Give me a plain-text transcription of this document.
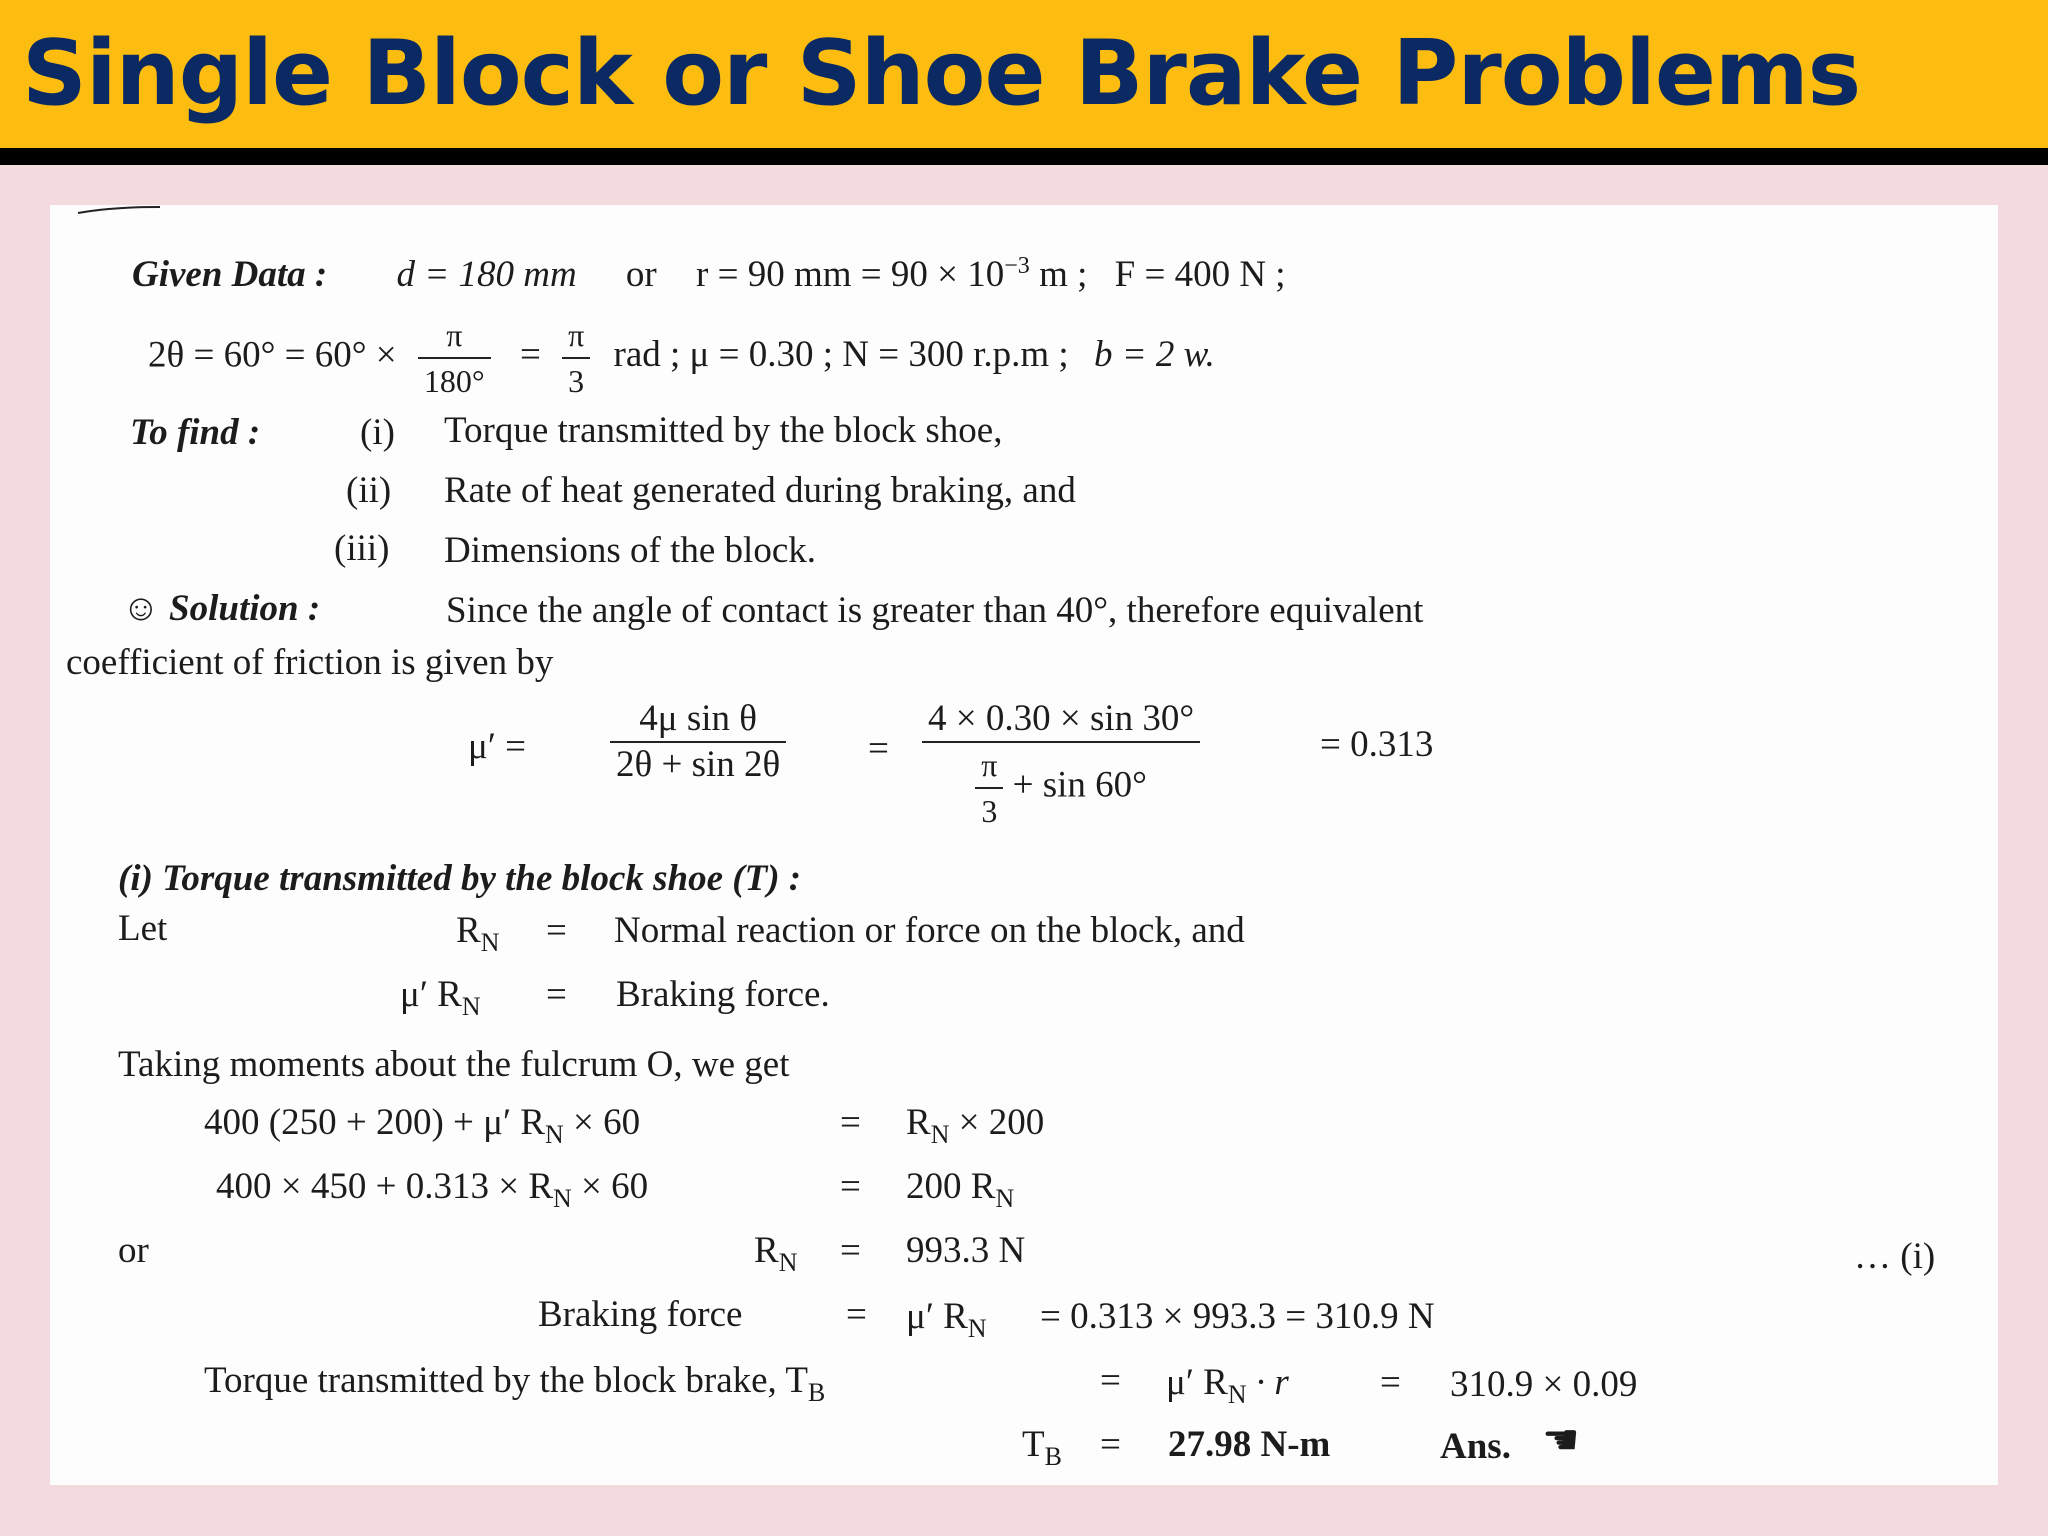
Single Block or Shoe Brake Problems
Given Data : d = 180 mm or r = 90 mm = $90 \times 10^{-3}$ m ; F = 400 N ;
$2\theta = 60^\circ = 60^\circ \times \frac{\pi}{180^\circ} = \frac{\pi}{3}$ rad ; μ = 0.30 ; N = 300 r.p.m ; b = 2 w.
To find :	(i) Torque transmitted by the block shoe,
(ii) Rate of heat generated during braking, and
(iii) Dimensions of the block.
☺ Solution :	Since the angle of contact is greater than 40°, therefore equivalent
coefficient of friction is given by
$\mu' = \frac{\text{4μ sin θ}}{2\theta + \sin 2\theta} = \frac{4 \times 0.30 \times \sin 30^\circ}{\frac{\pi}{3} + \sin 60^\circ}$	= 0.313
(i) Torque transmitted by the block shoe (T) :
Let	$R_N$ = Normal reaction or force on the block, and
μ′ $R_N$ = Braking force.
Taking moments about the fulcrum O, we get
400 (250 + 200) + μ′ $R_N \times 60$	= $R_N \times 200$
$400 \times 450 + 0.313 \times R_N \times 60$	= 200 $R_N$
or	$R_N = 993.3$ N	… (i)
Braking force	= μ′ $R_N = 0.313 \times 993.3 = 310.9$ N
Torque transmitted by the block brake, $T_B$	= μ′ $R_N \cdot r = 310.9 \times 0.09$
$T_B = 27.98$ N-m	Ans. ☚
